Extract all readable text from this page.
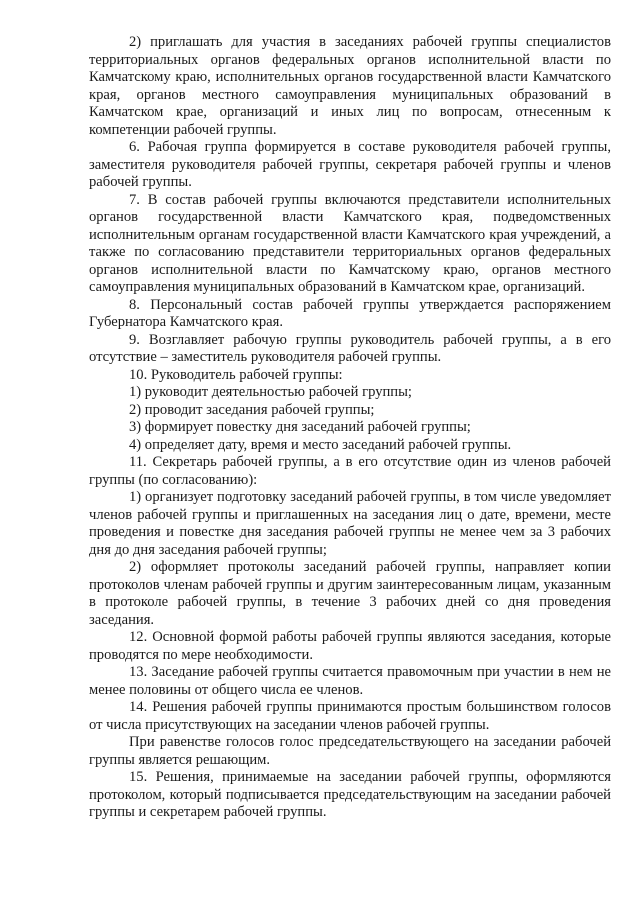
2) приглашать для участия в заседаниях рабочей группы специалистов территориальных органов федеральных органов исполнительной власти по Камчатскому краю, исполнительных органов государственной власти Камчатского края, органов местного самоуправления муниципальных образований в Камчатском крае, организаций и иных лиц по вопросам, отнесенным к компетенции рабочей группы.

6. Рабочая группа формируется в составе руководителя рабочей группы, заместителя руководителя рабочей группы, секретаря рабочей группы и членов рабочей группы.

7. В состав рабочей группы включаются представители исполнительных органов государственной власти Камчатского края, подведомственных исполнительным органам государственной власти Камчатского края учреждений, а также по согласованию представители территориальных органов федеральных органов исполнительной власти по Камчатскому краю, органов местного самоуправления муниципальных образований в Камчатском крае, организаций.

8. Персональный состав рабочей группы утверждается распоряжением Губернатора Камчатского края.

9. Возглавляет рабочую группы руководитель рабочей группы, а в его отсутствие – заместитель руководителя рабочей группы.

10. Руководитель рабочей группы:

1) руководит деятельностью рабочей группы;

2) проводит заседания рабочей группы;

3) формирует повестку дня заседаний рабочей группы;

4) определяет дату, время и место заседаний рабочей группы.

11. Секретарь рабочей группы, а в его отсутствие один из членов рабочей группы (по согласованию):

1) организует подготовку заседаний рабочей группы, в том числе уведомляет членов рабочей группы и приглашенных на заседания лиц о дате, времени, месте проведения и повестке дня заседания рабочей группы не менее чем за 3 рабочих дня до дня заседания рабочей группы;

2) оформляет протоколы заседаний рабочей группы, направляет копии протоколов членам рабочей группы и другим заинтересованным лицам, указанным в протоколе рабочей группы, в течение 3 рабочих дней со дня проведения заседания.

12. Основной формой работы рабочей группы являются заседания, которые проводятся по мере необходимости.

13. Заседание рабочей группы считается правомочным при участии в нем не менее половины от общего числа ее членов.

14. Решения рабочей группы принимаются простым большинством голосов от числа присутствующих на заседании членов рабочей группы.

При равенстве голосов голос председательствующего на заседании рабочей группы является решающим.

15. Решения, принимаемые на заседании рабочей группы, оформляются протоколом, который подписывается председательствующим на заседании рабочей группы и секретарем рабочей группы.
